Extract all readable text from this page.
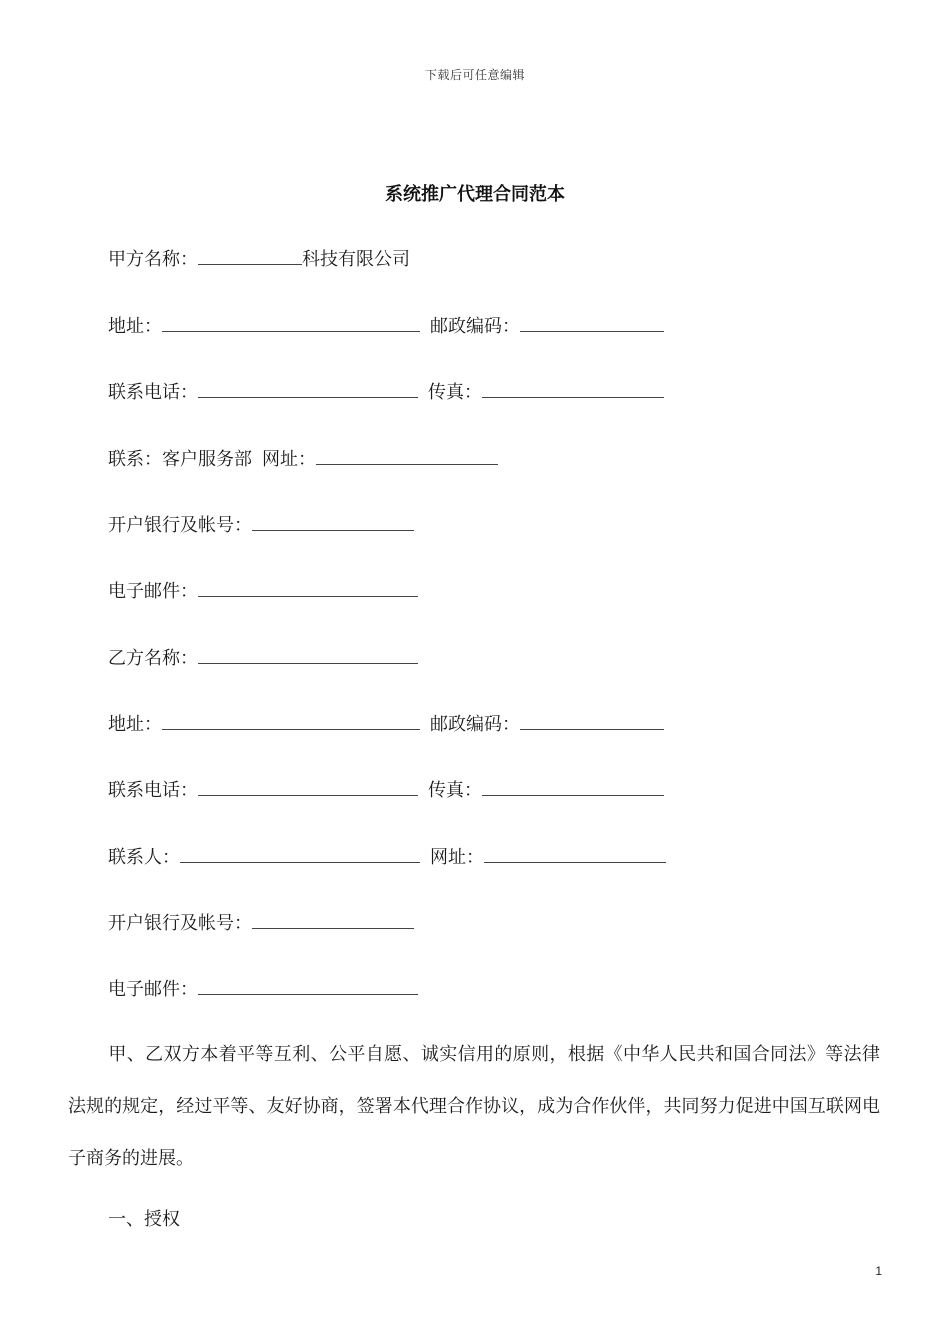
下载后可任意编辑
系统推广代理合同范本
甲方名称：	科技有限公司
地址：	邮政编码：
联系电话：	传真：
联系：客户服务部 网址：
开户银行及帐号：
电子邮件：
乙方名称：
地址：	邮政编码：
联系电话：	传真：
联系人：	网址：
开户银行及帐号：
电子邮件：
甲、乙双方本着平等互利、公平自愿、诚实信用的原则，根据《中华人民共和国合同法》等法律法规的规定，经过平等、友好协商，签署本代理合作协议，成为合作伙伴，共同努力促进中国互联网电子商务的进展。
一、授权
1
